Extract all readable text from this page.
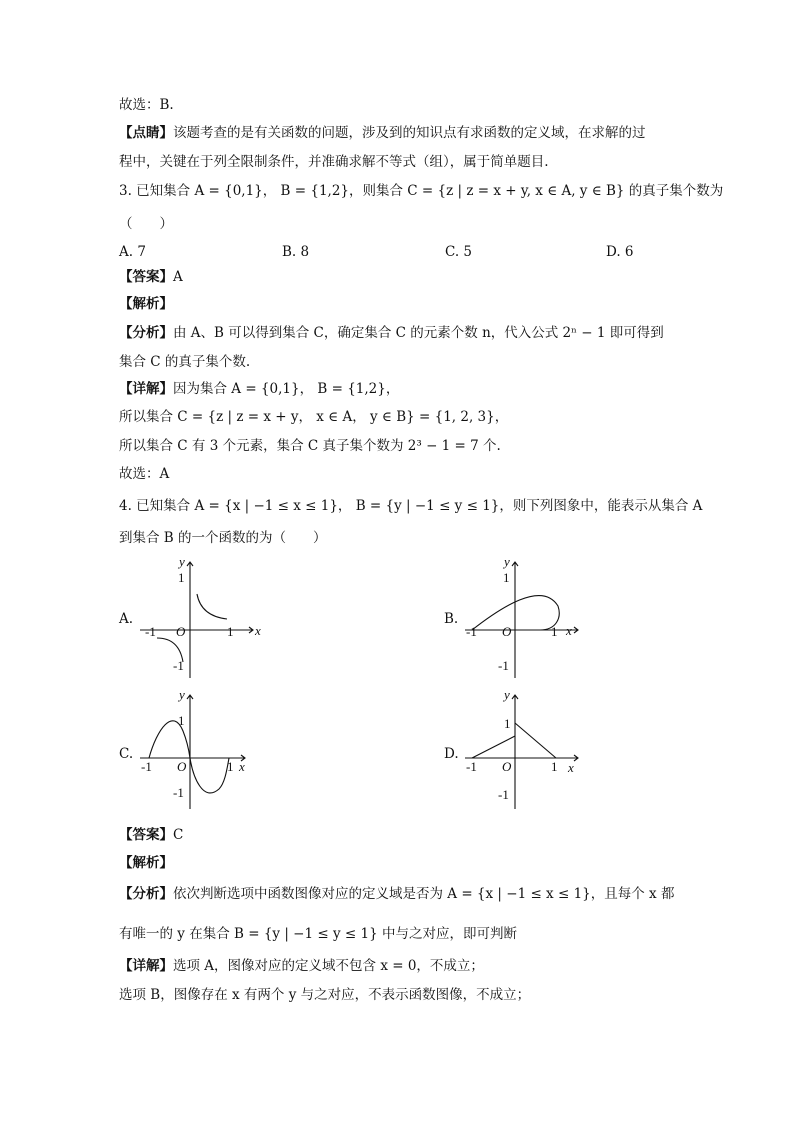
故选：B.
【点睛】该题考查的是有关函数的问题，涉及到的知识点有求函数的定义域，在求解的过
程中，关键在于列全限制条件，并准确求解不等式（组），属于简单题目.
3. 已知集合 A = {0,1}， B = {1,2}，则集合 C = {z | z = x + y, x ∈ A, y ∈ B} 的真子集个数为
（　　）
A. 7	B. 8	C. 5	D. 6
【答案】A
【解析】
【分析】由 A、B 可以得到集合 C，确定集合 C 的元素个数 n，代入公式 2ⁿ − 1 即可得到
集合 C 的真子集个数.
【详解】因为集合 A = {0,1}， B = {1,2}，
所以集合 C = {z | z = x + y， x ∈ A， y ∈ B} = {1, 2, 3}，
所以集合 C 有 3 个元素，集合 C 真子集个数为 2³ − 1 = 7 个.
故选：A
4. 已知集合 A = {x | −1 ≤ x ≤ 1}， B = {y | −1 ≤ y ≤ 1}，则下列图象中，能表示从集合 A
到集合 B 的一个函数的为（　　）
A.	B.
C.	D.
y
x
1
-1
-1	1
O
y
x
1
-1
-1	1
O
y
x
1
-1
-1	1
O
y
x
1
-1
-1	1
O
【答案】C
【解析】
【分析】依次判断选项中函数图像对应的定义域是否为 A = {x | −1 ≤ x ≤ 1}，且每个 x 都
有唯一的 y 在集合 B = {y | −1 ≤ y ≤ 1} 中与之对应，即可判断
【详解】选项 A，图像对应的定义域不包含 x = 0，不成立；
选项 B，图像存在 x 有两个 y 与之对应，不表示函数图像，不成立；
